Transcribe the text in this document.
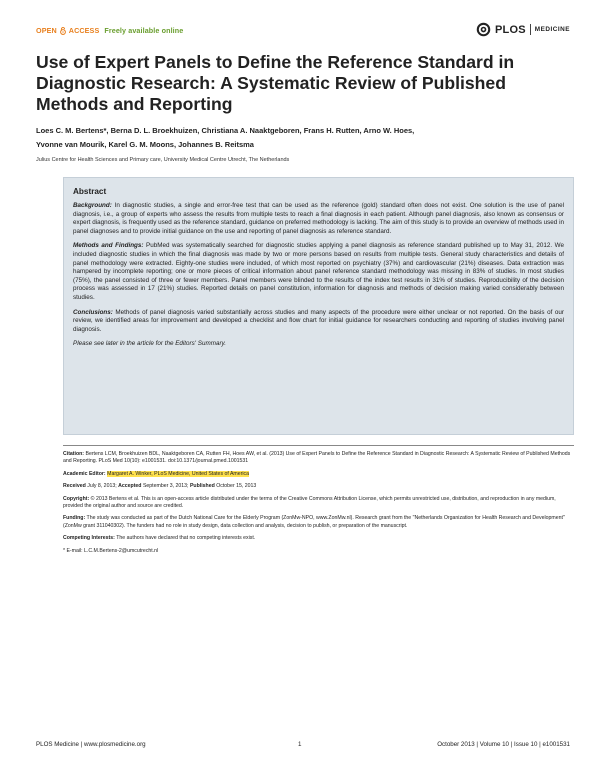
OPEN ACCESS Freely available online	PLOS MEDICINE
Use of Expert Panels to Define the Reference Standard in Diagnostic Research: A Systematic Review of Published Methods and Reporting
Loes C. M. Bertens*, Berna D. L. Broekhuizen, Christiana A. Naaktgeboren, Frans H. Rutten, Arno W. Hoes,
Yvonne van Mourik, Karel G. M. Moons, Johannes B. Reitsma
Julius Centre for Health Sciences and Primary care, University Medical Centre Utrecht, The Netherlands
Abstract

Background: In diagnostic studies, a single and error-free test that can be used as the reference (gold) standard often does not exist. One solution is the use of panel diagnosis, i.e., a group of experts who assess the results from multiple tests to reach a final diagnosis in each patient. Although panel diagnosis, also known as consensus or expert diagnosis, is frequently used as the reference standard, guidance on preferred methodology is lacking. The aim of this study is to provide an overview of methods used in panel diagnoses and to provide initial guidance on the use and reporting of panel diagnosis as reference standard.

Methods and Findings: PubMed was systematically searched for diagnostic studies applying a panel diagnosis as reference standard published up to May 31, 2012. We included diagnostic studies in which the final diagnosis was made by two or more persons based on results from multiple tests. General study characteristics and details of panel methodology were extracted. Eighty-one studies were included, of which most reported on psychiatry (37%) and cardiovascular (21%) diseases. Data extraction was hampered by incomplete reporting; one or more pieces of critical information about panel reference standard methodology was missing in 83% of studies. In most studies (75%), the panel consisted of three or fewer members. Panel members were blinded to the results of the index test results in 31% of studies. Reproducibility of the decision process was assessed in 17 (21%) studies. Reported details on panel constitution, information for diagnosis and methods of decision making varied considerably between studies.

Conclusions: Methods of panel diagnosis varied substantially across studies and many aspects of the procedure were either unclear or not reported. On the basis of our review, we identified areas for improvement and developed a checklist and flow chart for initial guidance for researchers conducting and reporting of studies involving panel diagnosis.

Please see later in the article for the Editors' Summary.

Citation: Bertens LCM, Broekhuizen BDL, Naaktgeboren CA, Rutten FH, Hoes AW, et al. (2013) Use of Expert Panels to Define the Reference Standard in Diagnostic Research: A Systematic Review of Published Methods and Reporting. PLoS Med 10(10): e1001531. doi:10.1371/journal.pmed.1001531

Academic Editor: Margaret A. Winker, PLoS Medicine, United States of America

Received July 8, 2013; Accepted September 3, 2013; Published October 15, 2013

Copyright: © 2013 Bertens et al. This is an open-access article distributed under the terms of the Creative Commons Attribution License, which permits unrestricted use, distribution, and reproduction in any medium, provided the original author and source are credited.

Funding: The study was conducted as part of the Dutch National Care for the Elderly Program (ZonMw-NPO, www.ZonMw.nl). Research grant from the "Netherlands Organization for Health Research and Development" (ZonMw grant 311040302). The funders had no role in study design, data collection and analysis, decision to publish, or preparation of the manuscript.

Competing Interests: The authors have declared that no competing interests exist.

* E-mail: L.C.M.Bertens-2@umcutrecht.nl

PLOS Medicine | www.plosmedicine.org	1	October 2013 | Volume 10 | Issue 10 | e1001531
